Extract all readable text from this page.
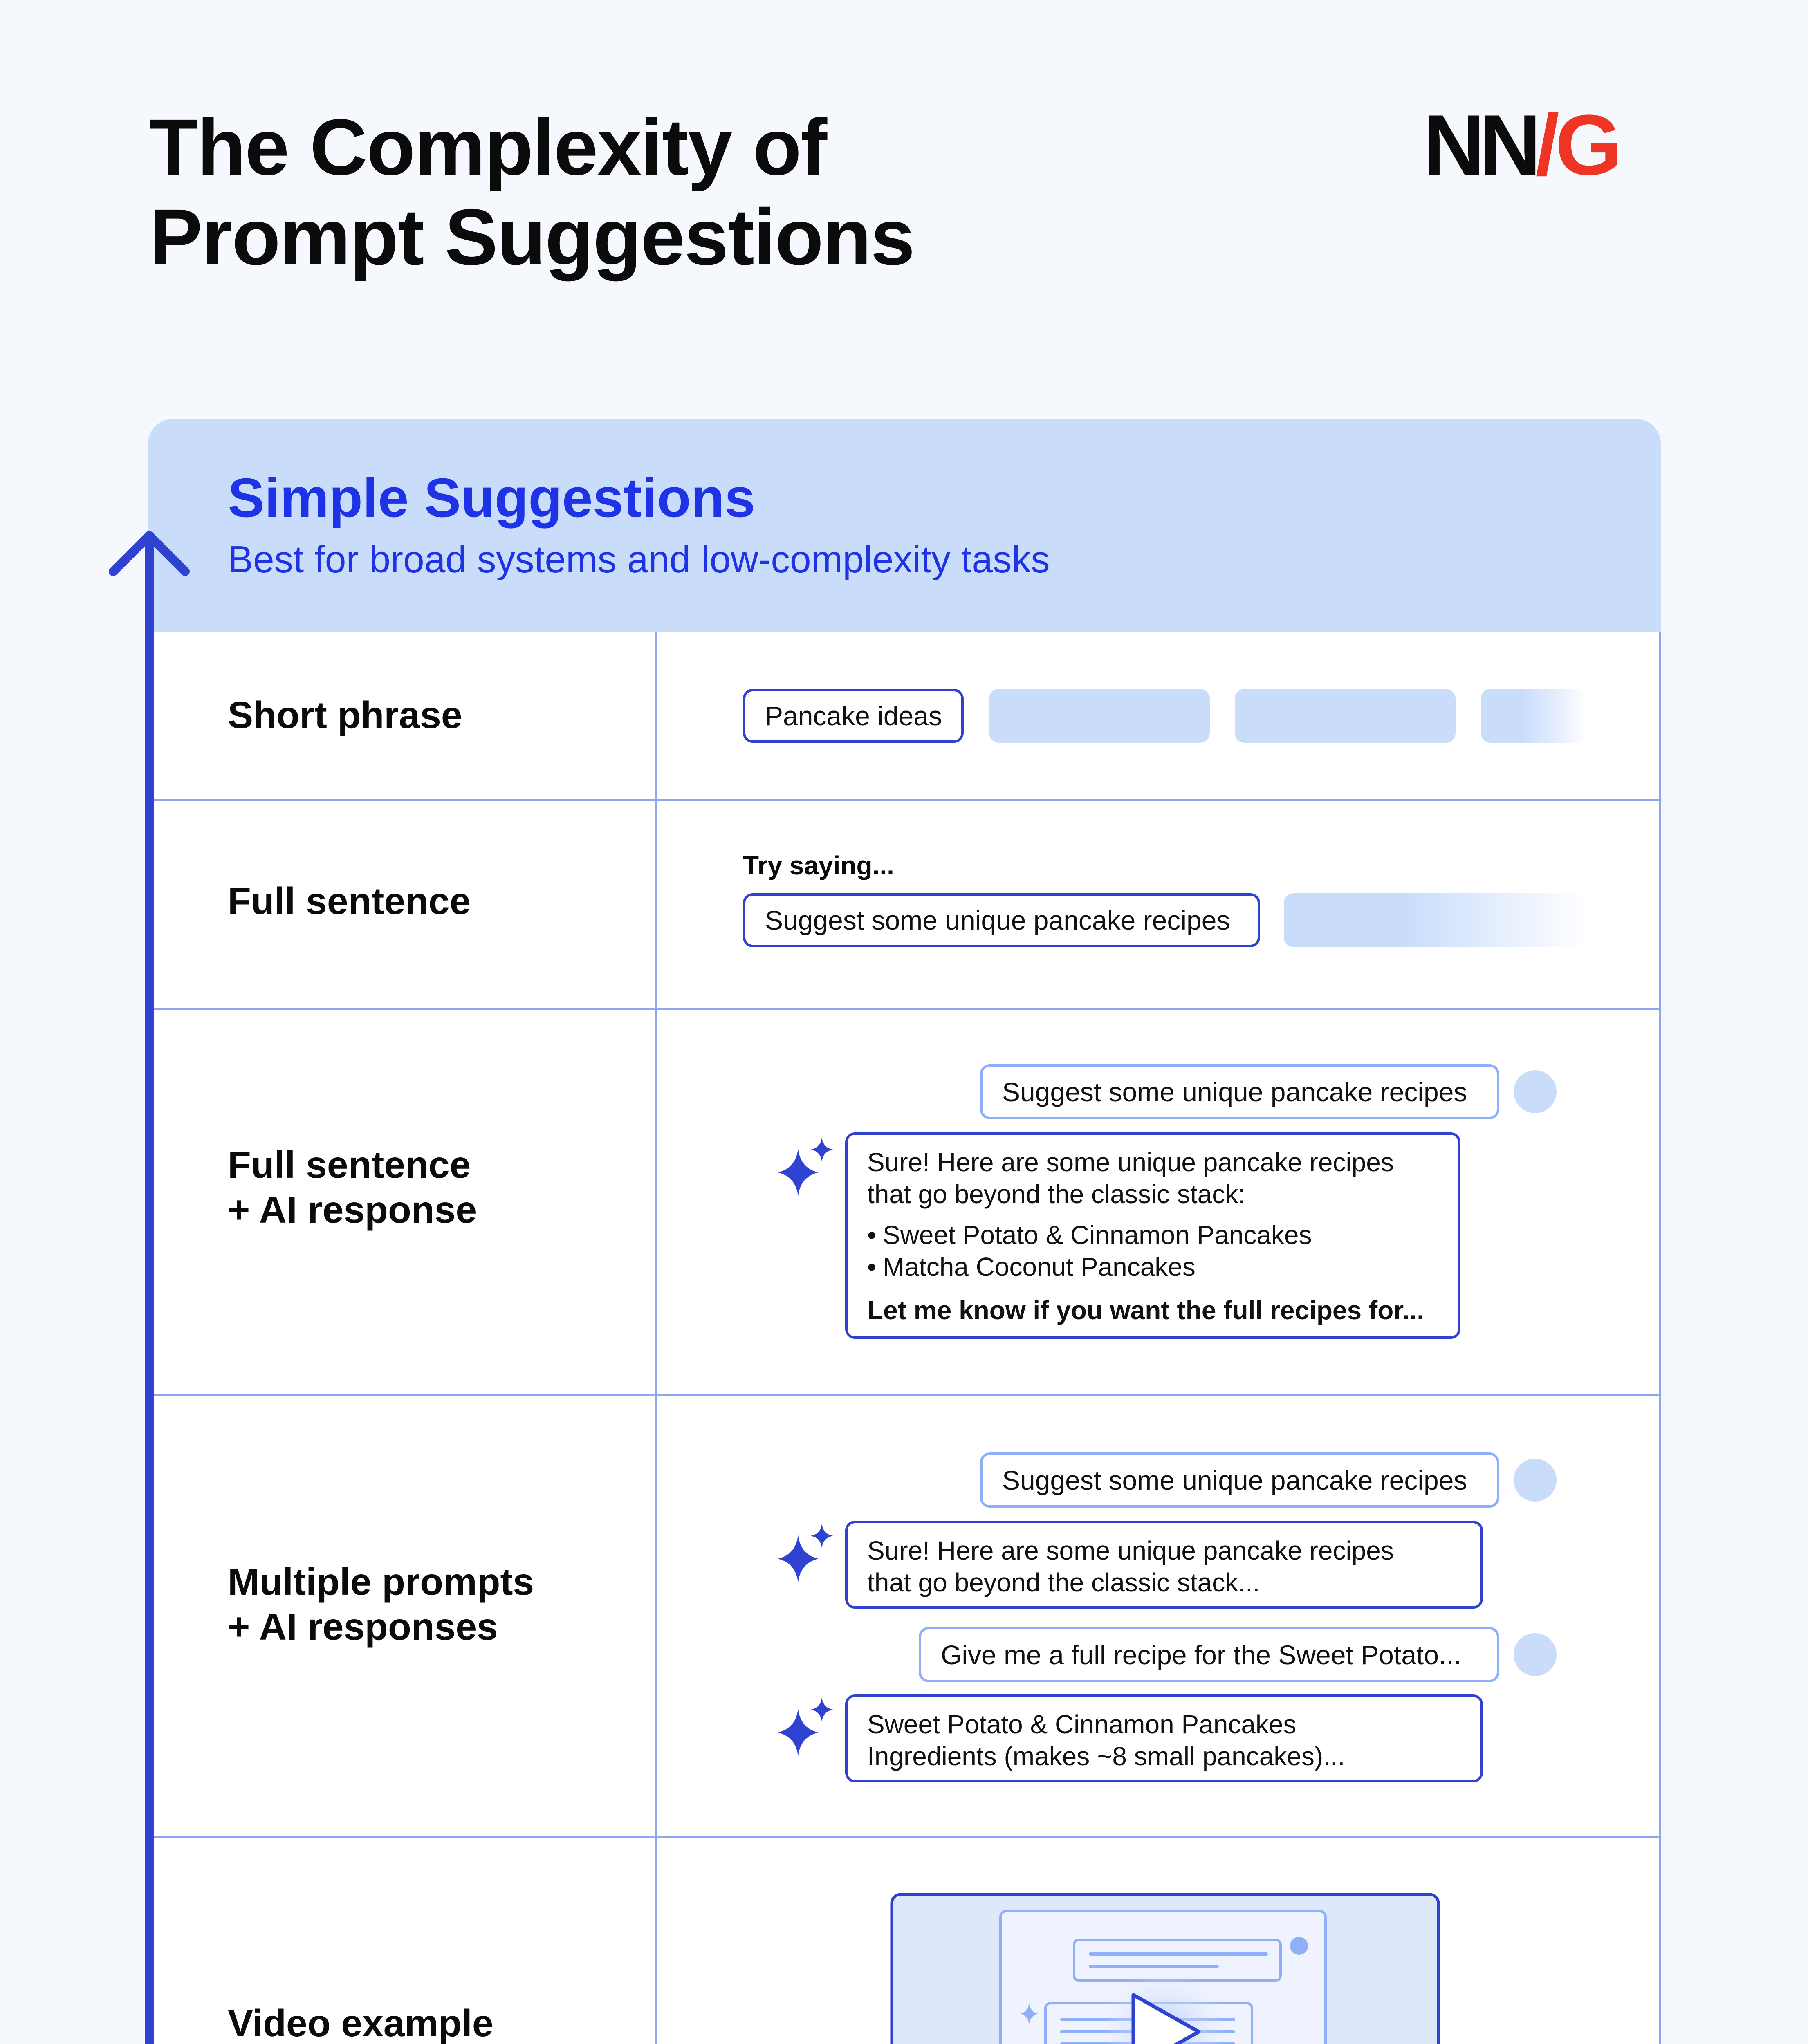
The Complexity of
Prompt Suggestions
NN/G
Simple Suggestions
Best for broad systems and low-complexity tasks
Short phrase	Pancake ideas
Full sentence
Try saying...
Suggest some unique pancake recipes
Full sentence
+ AI response
Suggest some unique pancake recipes
Sure! Here are some unique pancake recipes
that go beyond the classic stack:
• Sweet Potato & Cinnamon Pancakes
• Matcha Coconut Pancakes
Let me know if you want the full recipes for...
Multiple prompts
+ AI responses
Suggest some unique pancake recipes
Sure! Here are some unique pancake recipes
that go beyond the classic stack...
Give me a full recipe for the Sweet Potato...
Sweet Potato & Cinnamon Pancakes
Ingredients (makes ~8 small pancakes)...
Video example
